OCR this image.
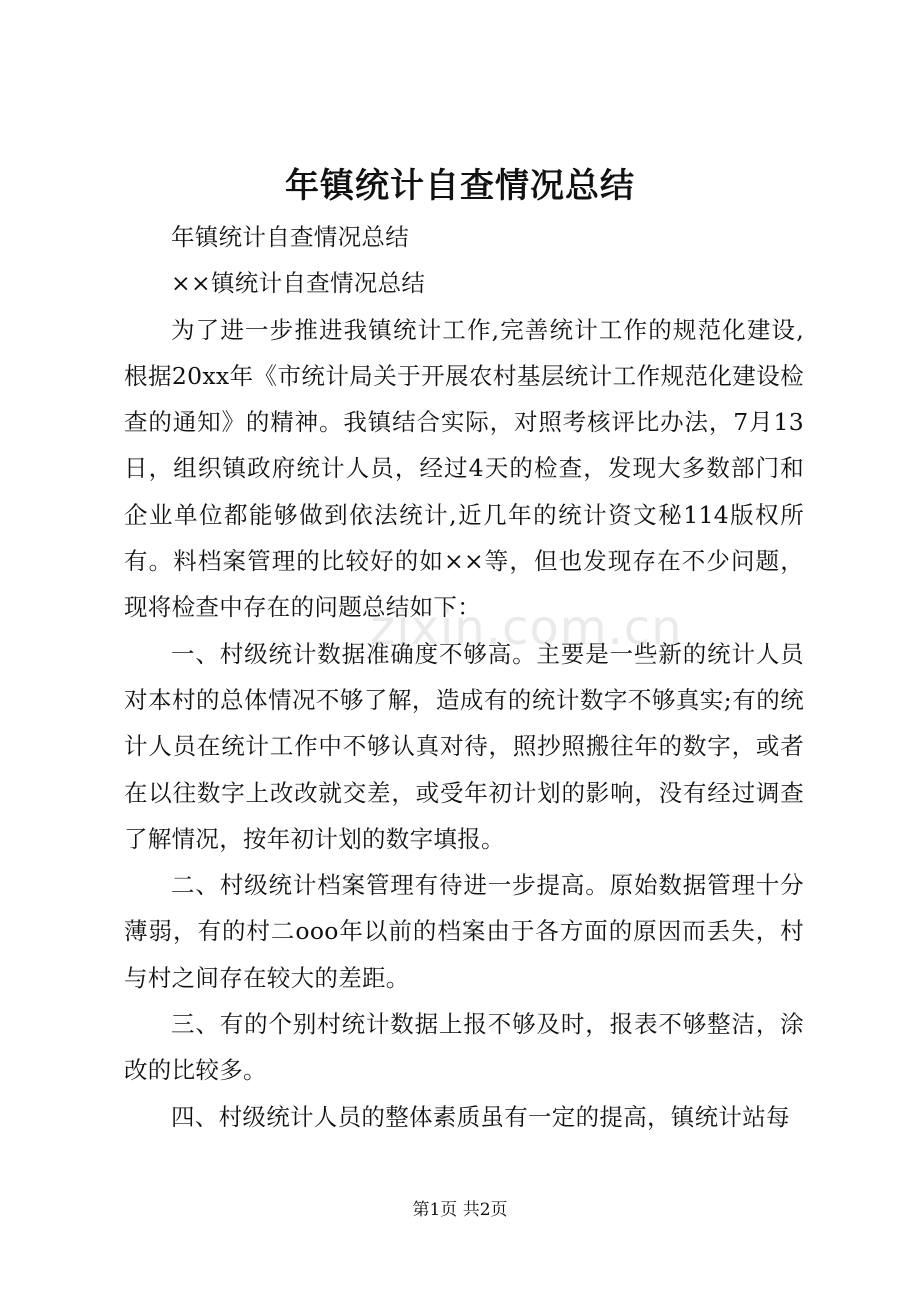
年镇统计自查情况总结

年镇统计自查情况总结

××镇统计自查情况总结

为了进一步推进我镇统计工作,完善统计工作的规范化建设,根据20xx年《市统计局关于开展农村基层统计工作规范化建设检查的通知》的精神。我镇结合实际，对照考核评比办法，7月13日，组织镇政府统计人员，经过4天的检查，发现大多数部门和企业单位都能够做到依法统计,近几年的统计资文秘114版权所有。料档案管理的比较好的如××等，但也发现存在不少问题，现将检查中存在的问题总结如下：

一、村级统计数据准确度不够高。主要是一些新的统计人员对本村的总体情况不够了解，造成有的统计数字不够真实;有的统计人员在统计工作中不够认真对待，照抄照搬往年的数字，或者在以往数字上改改就交差，或受年初计划的影响，没有经过调查了解情况，按年初计划的数字填报。

二、村级统计档案管理有待进一步提高。原始数据管理十分薄弱，有的村二ooo年以前的档案由于各方面的原因而丢失，村与村之间存在较大的差距。

三、有的个别村统计数据上报不够及时，报表不够整洁，涂改的比较多。

四、村级统计人员的整体素质虽有一定的提高，镇统计站每

zixin.com.cn
第1页 共2页
